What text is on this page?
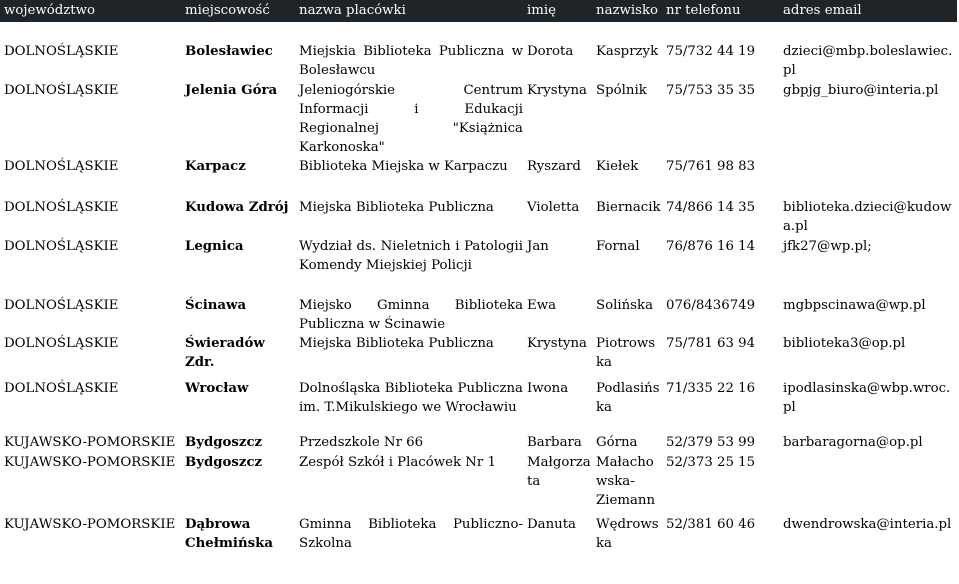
województwo	miejscowość	nazwa placówki	imię	nazwisko	nr telefonu	adres email
DOLNOŚLĄSKIE	Bolesławiec	Miejskia Biblioteka Publiczna w Bolesławcu	Dorota	Kasprzyk	75/732 44 19	dzieci@mbp.boleslawiec.pl
DOLNOŚLĄSKIE	Jelenia Góra	Jeleniogórskie Centrum Informacji i Edukacji Regionalnej "Książnica Karkonoska"	Krystyna	Spólnik	75/753 35 35	gbpjg_biuro@interia.pl
DOLNOŚLĄSKIE	Karpacz	Biblioteka Miejska w Karpaczu	Ryszard	Kiełek	75/761 98 83	
DOLNOŚLĄSKIE	Kudowa Zdrój	Miejska Biblioteka Publiczna	Violetta	Biernacik	74/866 14 35	biblioteka.dzieci@kudowa.pl
DOLNOŚLĄSKIE	Legnica	Wydział ds. Nieletnich i Patologii Komendy Miejskiej Policji	Jan	Fornal	76/876 16 14	jfk27@wp.pl;
DOLNOŚLĄSKIE	Ścinawa	Miejsko Gminna Biblioteka Publiczna w Ścinawie	Ewa	Solińska	076/8436749	mgbpscinawa@wp.pl
DOLNOŚLĄSKIE	Świeradów Zdr.	Miejska Biblioteka Publiczna	Krystyna	Piotrowska	75/781 63 94	biblioteka3@op.pl
DOLNOŚLĄSKIE	Wrocław	Dolnośląska Biblioteka Publiczna im. T.Mikulskiego we Wrocławiu	Iwona	Podlasińska	71/335 22 16	ipodlasinska@wbp.wroc.pl
KUJAWSKO-POMORSKIE	Bydgoszcz	Przedszkole Nr 66	Barbara	Górna	52/379 53 99	barbaragorna@op.pl
KUJAWSKO-POMORSKIE	Bydgoszcz	Zespół Szkół i Placówek Nr 1	Małgorzata	Małachowska-Ziemann	52/373 25 15	
KUJAWSKO-POMORSKIE	Dąbrowa Chełmińska	Gminna Biblioteka Publiczno-Szkolna	Danuta	Wędrowska	52/381 60 46	dwendrowska@interia.pl
